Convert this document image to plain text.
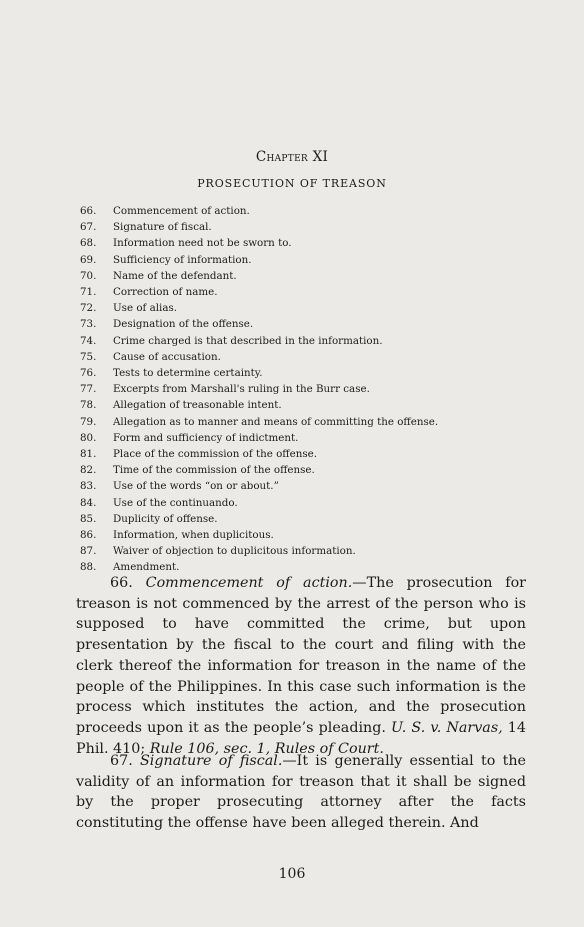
Chapter XI
PROSECUTION OF TREASON
66. Commencement of action.
67. Signature of fiscal.
68. Information need not be sworn to.
69. Sufficiency of information.
70. Name of the defendant.
71. Correction of name.
72. Use of alias.
73. Designation of the offense.
74. Crime charged is that described in the information.
75. Cause of accusation.
76. Tests to determine certainty.
77. Excerpts from Marshall's ruling in the Burr case.
78. Allegation of treasonable intent.
79. Allegation as to manner and means of committing the offense.
80. Form and sufficiency of indictment.
81. Place of the commission of the offense.
82. Time of the commission of the offense.
83. Use of the words “on or about.”
84. Use of the continuando.
85. Duplicity of offense.
86. Information, when duplicitous.
87. Waiver of objection to duplicitous information.
88. Amendment.

66. Commencement of action.—The prosecution for treason is not commenced by the arrest of the person who is supposed to have committed the crime, but upon presentation by the fiscal to the court and filing with the clerk thereof the information for treason in the name of the people of the Philippines. In this case such information is the process which institutes the action, and the prosecution proceeds upon it as the people’s pleading. U. S. v. Narvas, 14 Phil. 410; Rule 106, sec. 1, Rules of Court.

67. Signature of fiscal.—It is generally essential to the validity of an information for treason that it shall be signed by the proper prosecuting attorney after the facts constituting the offense have been alleged therein. And

106
